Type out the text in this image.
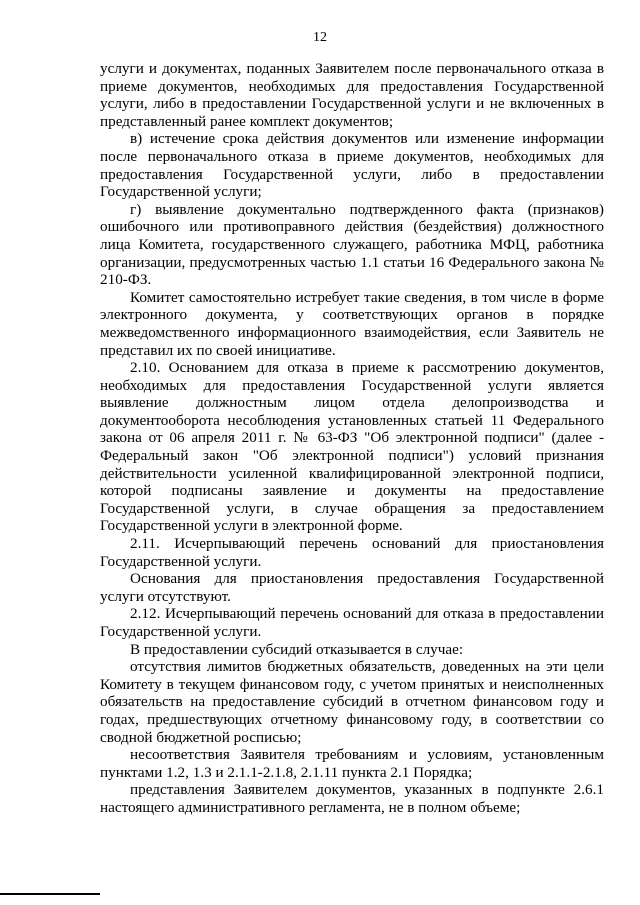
12

услуги и документах, поданных Заявителем после первоначального отказа в приеме документов, необходимых для предоставления Государственной услуги, либо в предоставлении Государственной услуги и не включенных в представленный ранее комплект документов;

в) истечение срока действия документов или изменение информации после первоначального отказа в приеме документов, необходимых для предоставления Государственной услуги, либо в предоставлении Государственной услуги;

г) выявление документально подтвержденного факта (признаков) ошибочного или противоправного действия (бездействия) должностного лица Комитета, государственного служащего, работника МФЦ, работника организации, предусмотренных частью 1.1 статьи 16 Федерального закона № 210-ФЗ.

Комитет самостоятельно истребует такие сведения, в том числе в форме электронного документа, у соответствующих органов в порядке межведомственного информационного взаимодействия, если Заявитель не представил их по своей инициативе.

2.10. Основанием для отказа в приеме к рассмотрению документов, необходимых для предоставления Государственной услуги является выявление должностным лицом отдела делопроизводства и документооборота несоблюдения установленных статьей 11 Федерального закона от 06 апреля 2011 г. № 63-ФЗ "Об электронной подписи" (далее - Федеральный закон "Об электронной подписи") условий признания действительности усиленной квалифицированной электронной подписи, которой подписаны заявление и документы на предоставление Государственной услуги, в случае обращения за предоставлением Государственной услуги в электронной форме.

2.11. Исчерпывающий перечень оснований для приостановления Государственной услуги.

Основания для приостановления предоставления Государственной услуги отсутствуют.

2.12. Исчерпывающий перечень оснований для отказа в предоставлении Государственной услуги.

В предоставлении субсидий отказывается в случае:

отсутствия лимитов бюджетных обязательств, доведенных на эти цели Комитету в текущем финансовом году, с учетом принятых и неисполненных обязательств на предоставление субсидий в отчетном финансовом году и годах, предшествующих отчетному финансовому году, в соответствии со сводной бюджетной росписью;

несоответствия Заявителя требованиям и условиям, установленным пунктами 1.2, 1.3 и 2.1.1-2.1.8, 2.1.11 пункта 2.1 Порядка;

представления Заявителем документов, указанных в подпункте 2.6.1 настоящего административного регламента, не в полном объеме;
